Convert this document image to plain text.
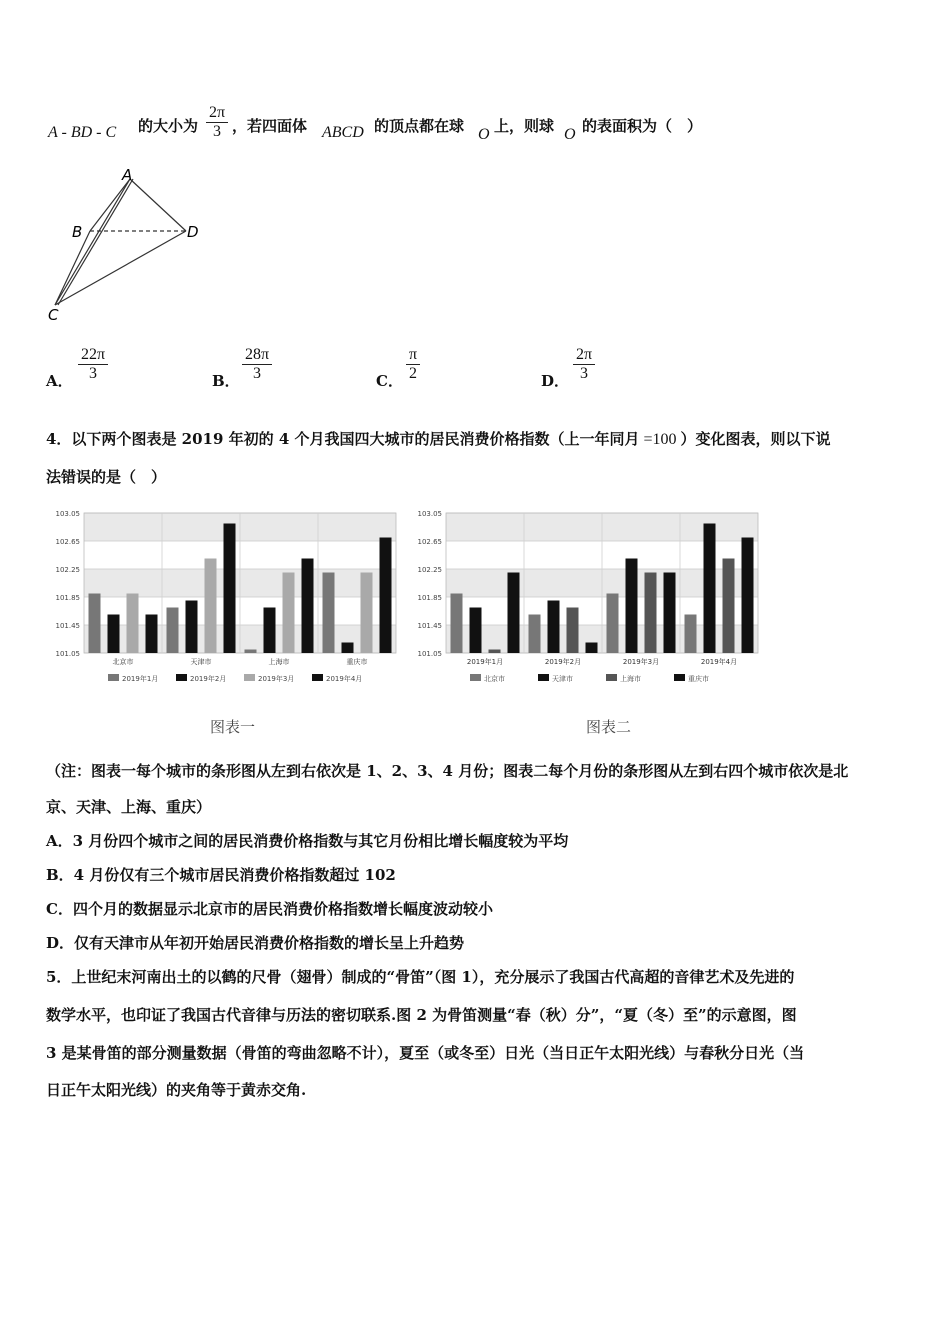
A - BD - C 的大小为 $\frac{2\pi}{3}$ ，若四面体 ABCD 的顶点都在球 O 上，则球 O 的表面积为（　）
A
B
C
D
A． $\frac{22\pi}{3}$	B． $\frac{28\pi}{3}$	C． $\frac{\pi}{2}$	D． $\frac{2\pi}{3}$
4．以下两个图表是 2019 年初的 4 个月我国四大城市的居民消费价格指数（上一年同月 =100 ）变化图表，则以下说
法错误的是（　）
103.05
102.65
102.25
101.85
101.45
101.05
北京市	天津市	上海市	重庆市
2019年1月	2019年2月	2019年3月	2019年4月
103.05
102.65
102.25
101.85
101.45
101.05
2019年1月	2019年2月	2019年3月	2019年4月
北京市	天津市	上海市	重庆市
图表一	图表二
（注：图表一每个城市的条形图从左到右依次是 1、2、3、4 月份；图表二每个月份的条形图从左到右四个城市依次是北
京、天津、上海、重庆）
A．3 月份四个城市之间的居民消费价格指数与其它月份相比增长幅度较为平均
B．4 月份仅有三个城市居民消费价格指数超过 102
C．四个月的数据显示北京市的居民消费价格指数增长幅度波动较小
D．仅有天津市从年初开始居民消费价格指数的增长呈上升趋势
5．上世纪末河南出土的以鹤的尺骨（翅骨）制成的“骨笛”（图 1），充分展示了我国古代高超的音律艺术及先进的
数学水平，也印证了我国古代音律与历法的密切联系.图 2 为骨笛测量“春（秋）分”，“夏（冬）至”的示意图，图
3 是某骨笛的部分测量数据（骨笛的弯曲忽略不计），夏至（或冬至）日光（当日正午太阳光线）与春秋分日光（当
日正午太阳光线）的夹角等于黄赤交角.
